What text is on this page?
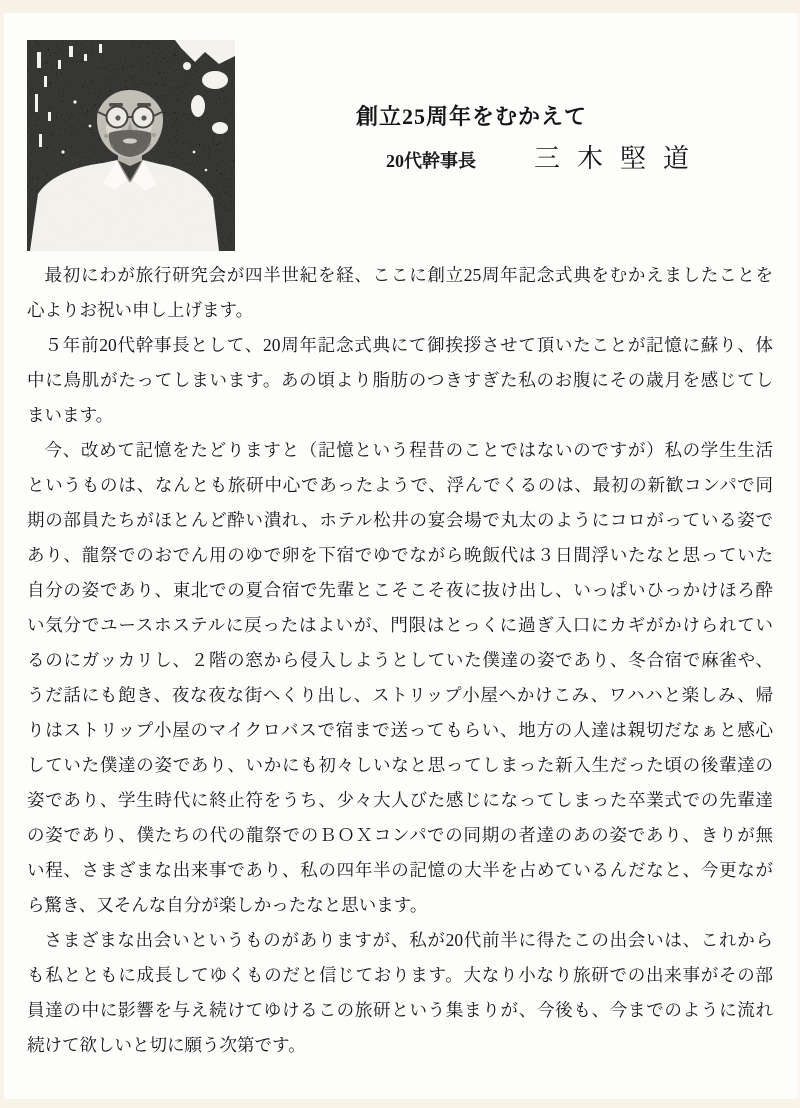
創立25周年をむかえて
20代幹事長 三木堅道
最初にわが旅行研究会が四半世紀を経、ここに創立25周年記念式典をむかえましたことを
心よりお祝い申し上げます。
５年前20代幹事長として、20周年記念式典にて御挨拶させて頂いたことが記憶に蘇り、体
中に鳥肌がたってしまいます。あの頃より脂肪のつきすぎた私のお腹にその歳月を感じてし
まいます。
今、改めて記憶をたどりますと（記憶という程昔のことではないのですが）私の学生生活
というものは、なんとも旅研中心であったようで、浮んでくるのは、最初の新歓コンパで同
期の部員たちがほとんど酔い潰れ、ホテル松井の宴会場で丸太のようにコロがっている姿で
あり、龍祭でのおでん用のゆで卵を下宿でゆでながら晩飯代は３日間浮いたなと思っていた
自分の姿であり、東北での夏合宿で先輩とこそこそ夜に抜け出し、いっぱいひっかけほろ酔
い気分でユースホステルに戻ったはよいが、門限はとっくに過ぎ入口にカギがかけられてい
るのにガッカリし、２階の窓から侵入しようとしていた僕達の姿であり、冬合宿で麻雀や、
うだ話にも飽き、夜な夜な街へくり出し、ストリップ小屋へかけこみ、ワハハと楽しみ、帰
りはストリップ小屋のマイクロバスで宿まで送ってもらい、地方の人達は親切だなぁと感心
していた僕達の姿であり、いかにも初々しいなと思ってしまった新入生だった頃の後輩達の
姿であり、学生時代に終止符をうち、少々大人びた感じになってしまった卒業式での先輩達
の姿であり、僕たちの代の龍祭でのＢＯＸコンパでの同期の者達のあの姿であり、きりが無
い程、さまざまな出来事であり、私の四年半の記憶の大半を占めているんだなと、今更なが
ら驚き、又そんな自分が楽しかったなと思います。
さまざまな出会いというものがありますが、私が20代前半に得たこの出会いは、これから
も私とともに成長してゆくものだと信じております。大なり小なり旅研での出来事がその部
員達の中に影響を与え続けてゆけるこの旅研という集まりが、今後も、今までのように流れ
続けて欲しいと切に願う次第です。
